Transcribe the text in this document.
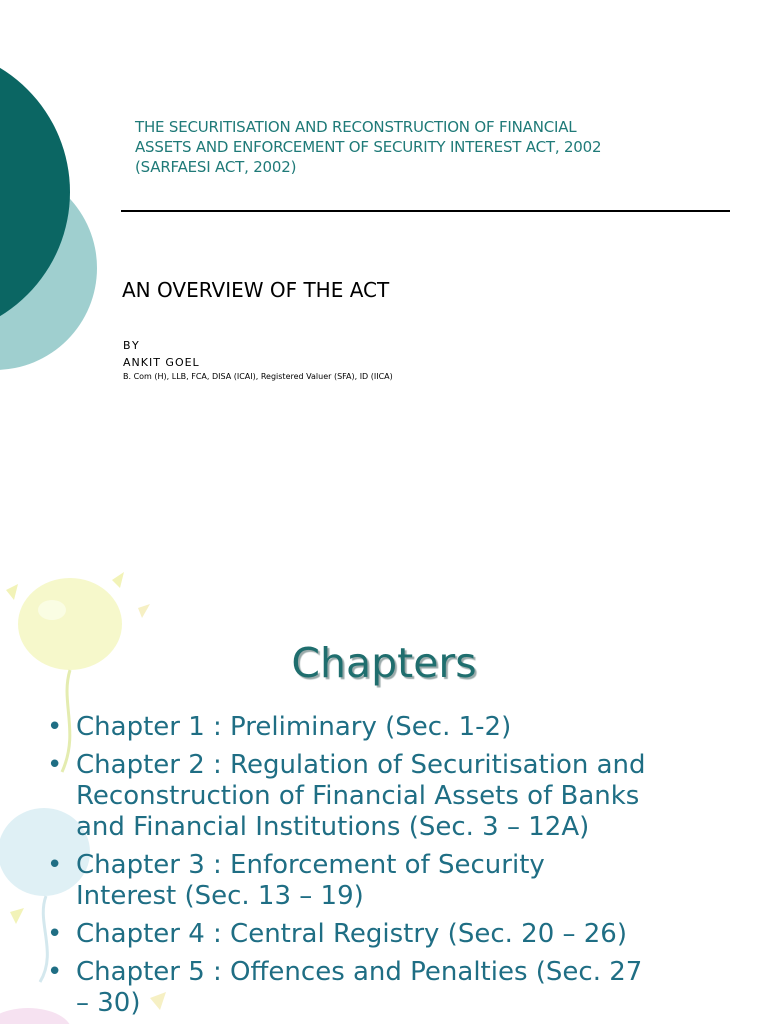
THE SECURITISATION AND RECONSTRUCTION OF FINANCIAL
ASSETS AND ENFORCEMENT OF SECURITY INTEREST ACT, 2002
(SARFAESI ACT, 2002)
AN OVERVIEW OF THE ACT
BY
ANKIT GOEL
B. Com (H), LLB, FCA, DISA (ICAI), Registered Valuer (SFA), ID (IICA)
Chapters
• Chapter 1 : Preliminary (Sec. 1-2)
• Chapter 2 : Regulation of Securitisation and
Reconstruction of Financial Assets of Banks
and Financial Institutions (Sec. 3 – 12A)
• Chapter 3 : Enforcement of Security
Interest (Sec. 13 – 19)
• Chapter 4 : Central Registry (Sec. 20 – 26)
• Chapter 5 : Offences and Penalties (Sec. 27
– 30)
